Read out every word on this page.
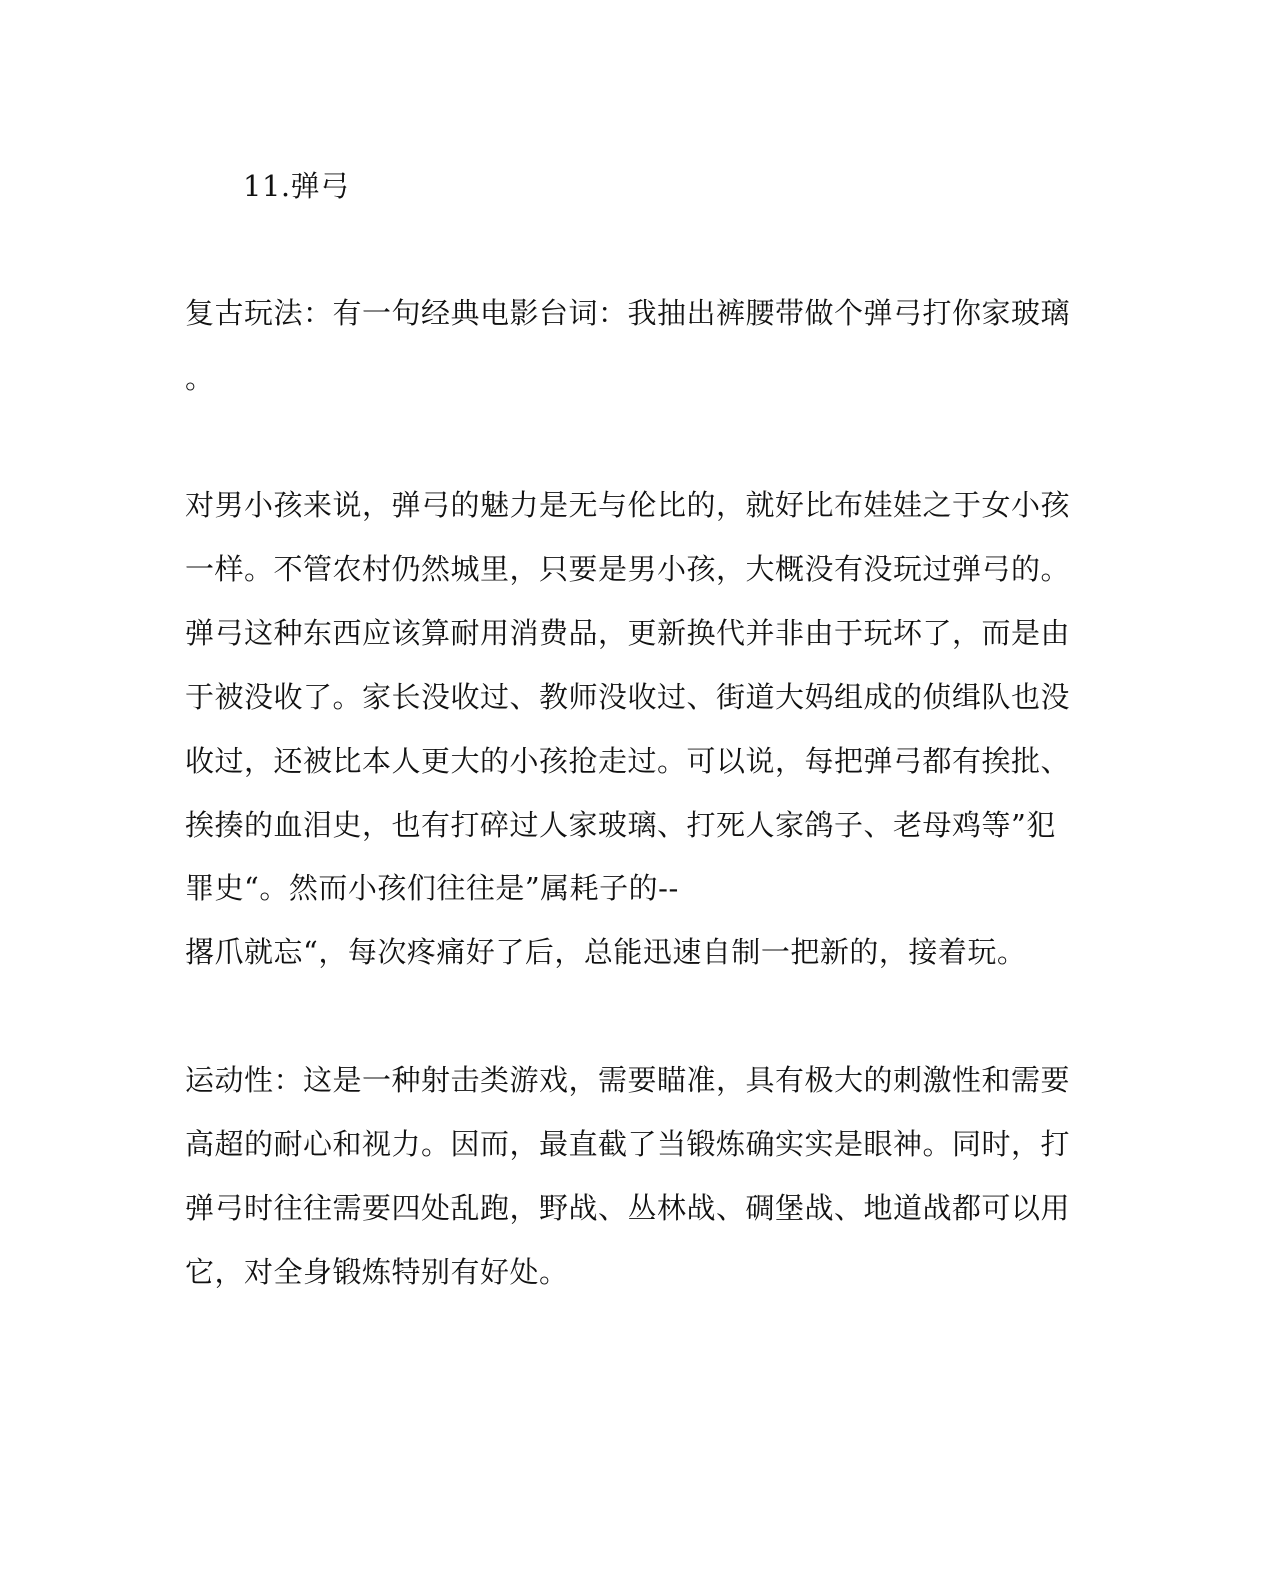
11.弹弓
复古玩法：有一句经典电影台词：我抽出裤腰带做个弹弓打你家玻璃
。
对男小孩来说，弹弓的魅力是无与伦比的，就好比布娃娃之于女小孩
一样。不管农村仍然城里，只要是男小孩，大概没有没玩过弹弓的。
弹弓这种东西应该算耐用消费品，更新换代并非由于玩坏了，而是由
于被没收了。家长没收过、教师没收过、街道大妈组成的侦缉队也没
收过，还被比本人更大的小孩抢走过。可以说，每把弹弓都有挨批、
挨揍的血泪史，也有打碎过人家玻璃、打死人家鸽子、老母鸡等”犯
罪史“。然而小孩们往往是”属耗子的--
撂爪就忘“，每次疼痛好了后，总能迅速自制一把新的，接着玩。
运动性：这是一种射击类游戏，需要瞄准，具有极大的刺激性和需要
高超的耐心和视力。因而，最直截了当锻炼确实实是眼神。同时，打
弹弓时往往需要四处乱跑，野战、丛林战、碉堡战、地道战都可以用
它，对全身锻炼特别有好处。
